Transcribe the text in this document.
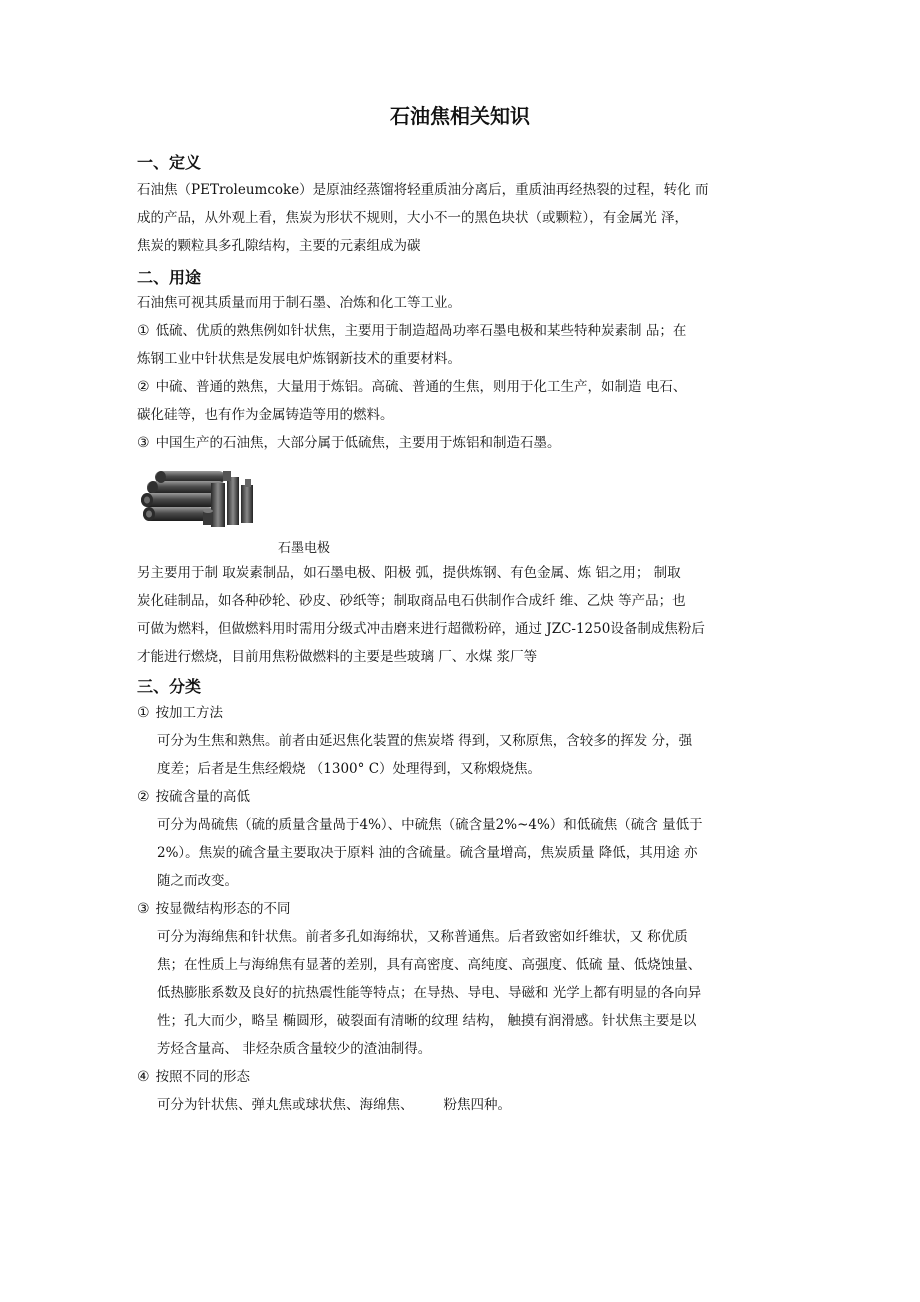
石油焦相关知识
一、定义
石油焦（PETroleumcoke）是原油经蒸馏将轻重质油分离后，重质油再经热裂的过程，转化 而
成的产品，从外观上看，焦炭为形状不规则，大小不一的黑色块状（或颗粒），有金属光 泽，
焦炭的颗粒具多孔隙结构，主要的元素组成为碳
二、用途
石油焦可视其质量而用于制石墨、冶炼和化工等工业。
① 低硫、优质的熟焦例如针状焦，主要用于制造超咼功率石墨电极和某些特种炭素制 品；在
炼钢工业中针状焦是发展电炉炼钢新技术的重要材料。
② 中硫、普通的熟焦，大量用于炼铝。高硫、普通的生焦，则用于化工生产，如制造 电石、
碳化硅等，也有作为金属铸造等用的燃料。
③ 中国生产的石油焦，大部分属于低硫焦，主要用于炼铝和制造石墨。
石墨电极
另主要用于制 取炭素制品，如石墨电极、阳极 弧，提供炼钢、有色金属、炼 铝之用； 制取
炭化硅制品，如各种砂轮、砂皮、砂纸等；制取商品电石供制作合成纤 维、乙炔 等产品；也
可做为燃料，但做燃料用时需用分级式冲击磨来进行超微粉碎，通过 JZC-1250设备制成焦粉后
才能进行燃烧，目前用焦粉做燃料的主要是些玻璃 厂、水煤 浆厂等
三、分类
① 按加工方法
可分为生焦和熟焦。前者由延迟焦化装置的焦炭塔 得到，又称原焦，含较多的挥发 分，强
度差；后者是生焦经煅烧 （1300° C）处理得到，又称煅烧焦。
② 按硫含量的高低
可分为咼硫焦（硫的质量含量咼于4%）、中硫焦（硫含量2%~4%）和低硫焦（硫含 量低于
2%）。焦炭的硫含量主要取决于原料 油的含硫量。硫含量增高，焦炭质量 降低，其用途 亦
随之而改变。
③ 按显微结构形态的不同
可分为海绵焦和针状焦。前者多孔如海绵状，又称普通焦。后者致密如纤维状，又 称优质
焦；在性质上与海绵焦有显著的差别，具有高密度、高纯度、高强度、低硫 量、低烧蚀量、
低热膨胀系数及良好的抗热震性能等特点；在导热、导电、导磁和 光学上都有明显的各向异
性；孔大而少，略呈 椭圆形，破裂面有清晰的纹理 结构， 触摸有润滑感。针状焦主要是以
芳烃含量高、 非烃杂质含量较少的渣油制得。
④ 按照不同的形态
可分为针状焦、弹丸焦或球状焦、海绵焦、       粉焦四种。
